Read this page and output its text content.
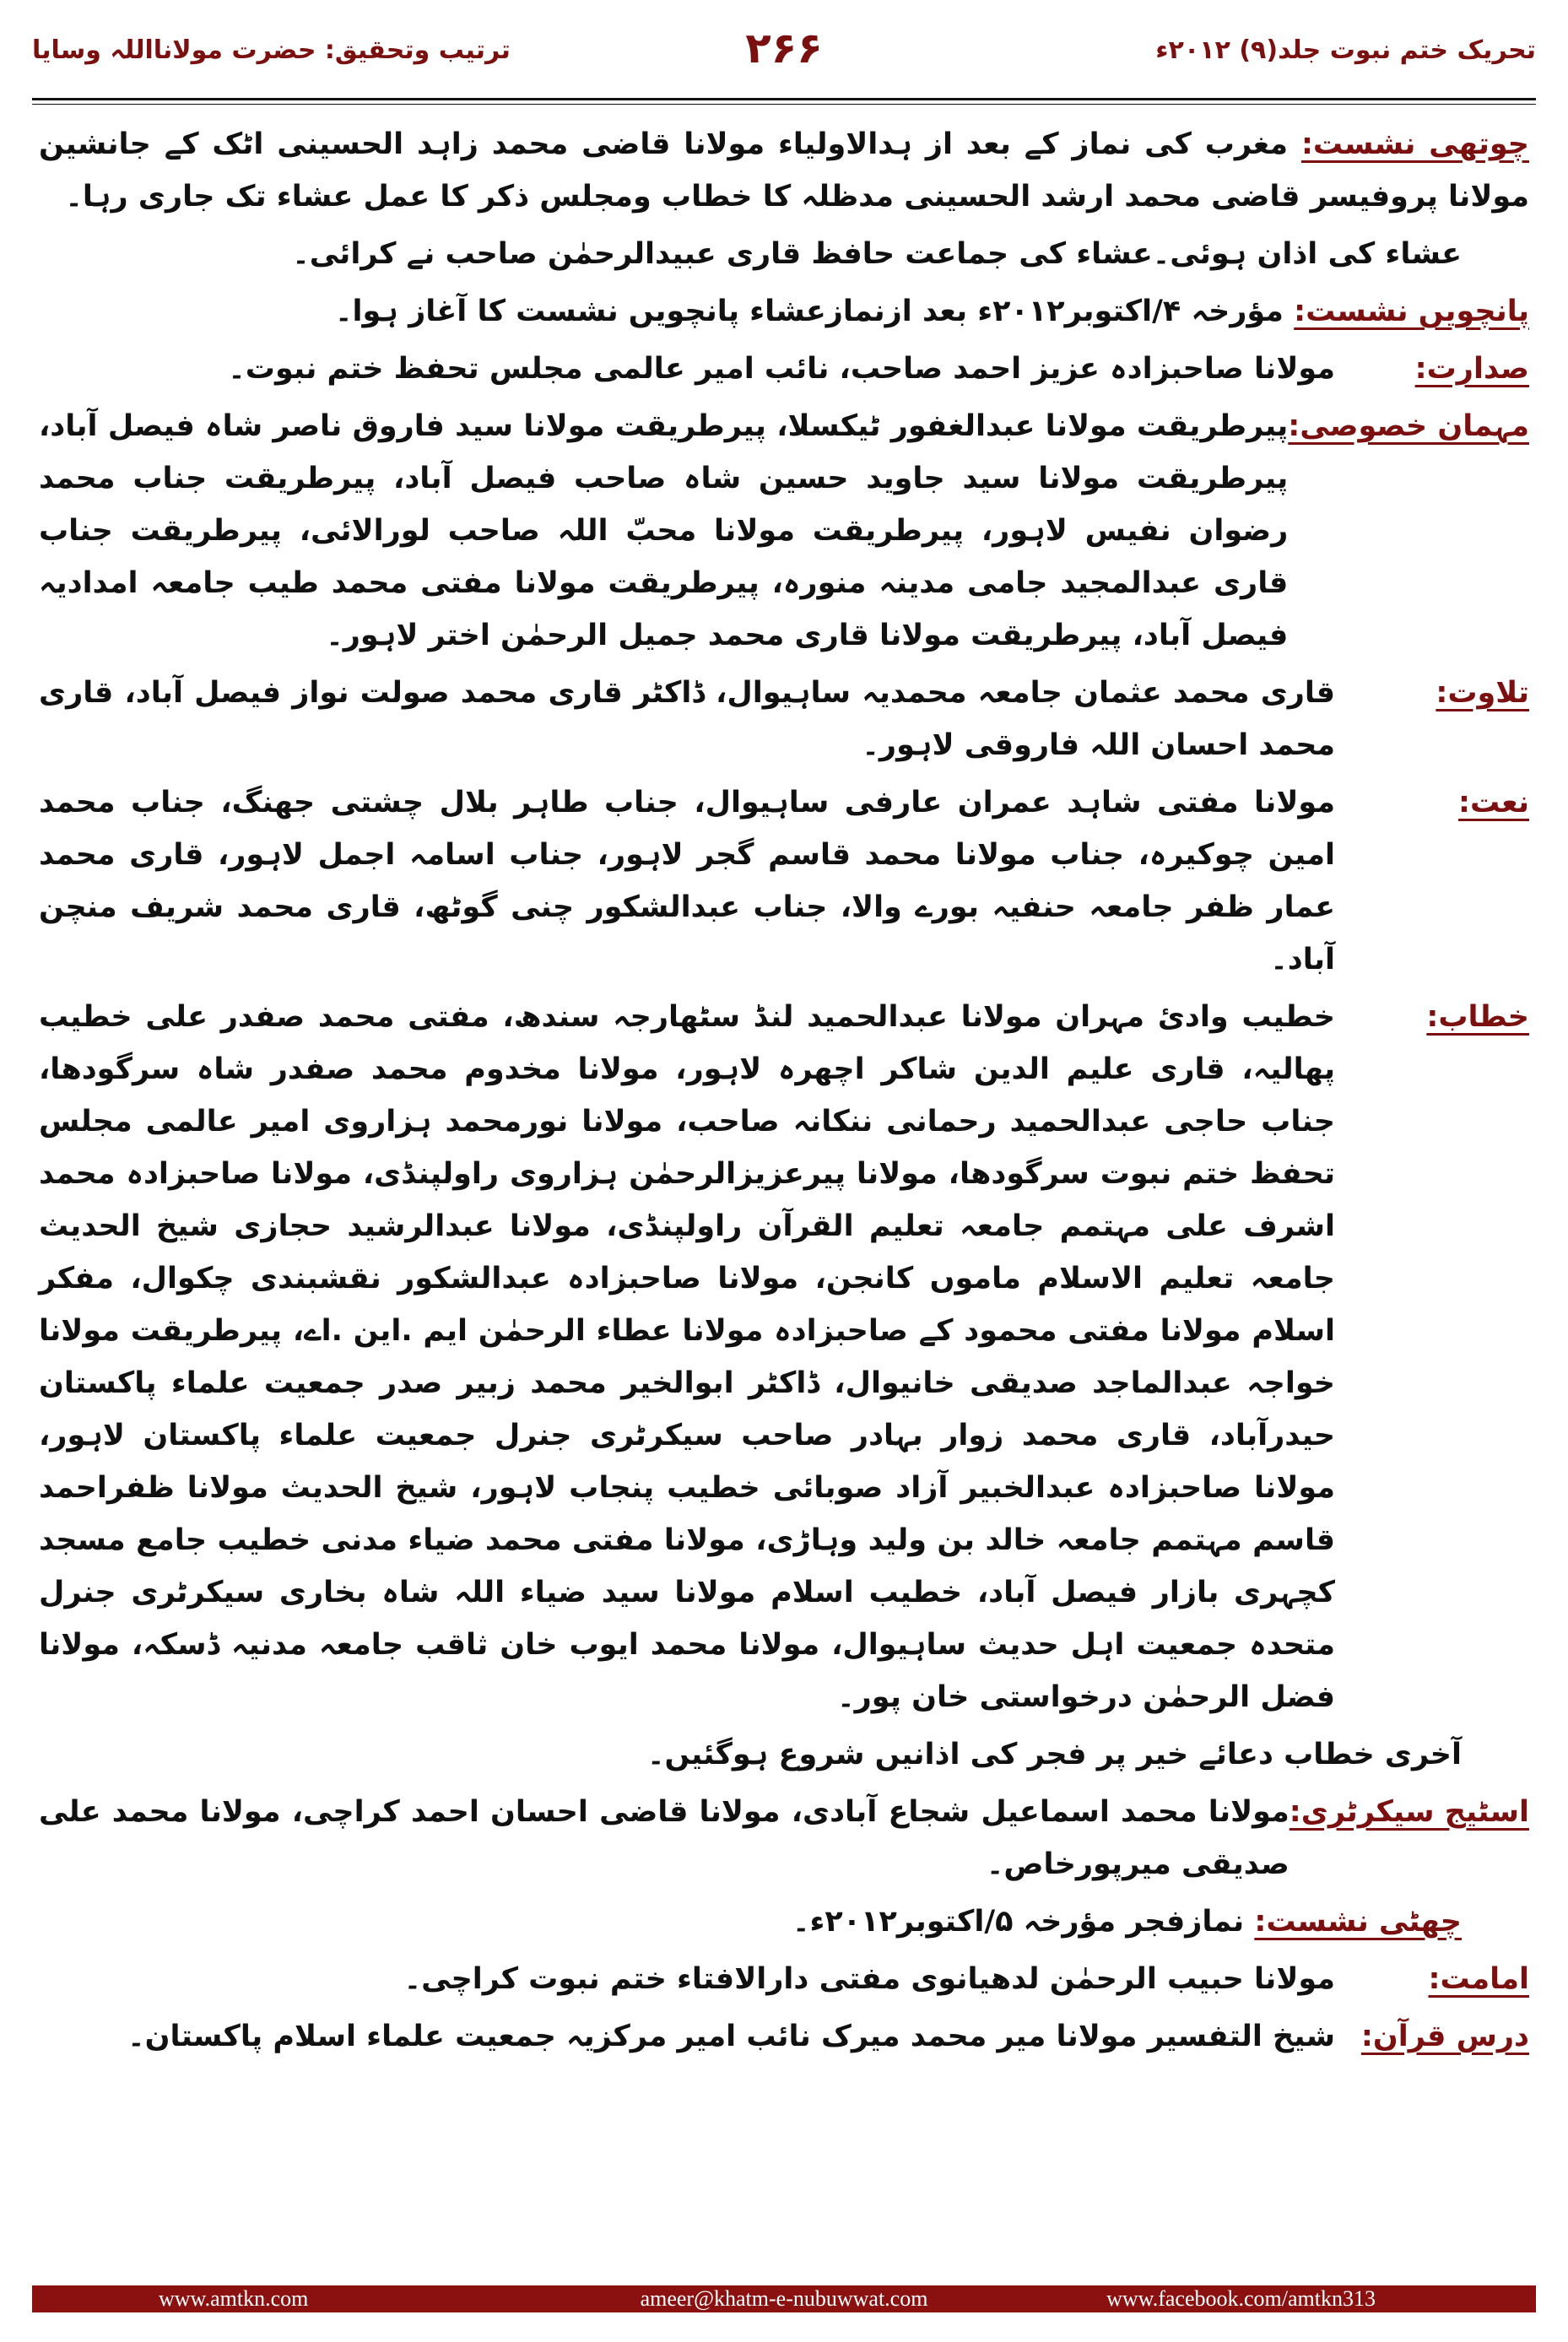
تحریک ختم نبوت جلد(۹) ۲۰۱۲ء
۲۶۶
ترتیب وتحقیق: حضرت مولانااللہ وسایا

چوتھی نشست: مغرب کی نماز کے بعد از ہدالاولیاء مولانا قاضی محمد زاہد الحسینی اٹک کے جانشین مولانا پروفیسر قاضی محمد ارشد الحسینی مدظلہ کا خطاب ومجلس ذکر کا عمل عشاء تک جاری رہا۔

عشاء کی اذان ہوئی۔عشاء کی جماعت حافظ قاری عبیدالرحمٰن صاحب نے کرائی۔

پانچویں نشست: مؤرخہ ۴/اکتوبر۲۰۱۲ء بعد ازنمازعشاء پانچویں نشست کا آغاز ہوا۔

صدارت:
مولانا صاحبزادہ عزیز احمد صاحب، نائب امیر عالمی مجلس تحفظ ختم نبوت۔
مہمان خصوصی:
پیرطریقت مولانا عبدالغفور ٹیکسلا، پیرطریقت مولانا سید فاروق ناصر شاہ فیصل آباد، پیرطریقت مولانا سید جاوید حسین شاہ صاحب فیصل آباد، پیرطریقت جناب محمد رضوان نفیس لاہور، پیرطریقت مولانا محبّ اللہ صاحب لورالائی، پیرطریقت جناب قاری عبدالمجید جامی مدینہ منورہ، پیرطریقت مولانا مفتی محمد طیب جامعہ امدادیہ فیصل آباد، پیرطریقت مولانا قاری محمد جمیل الرحمٰن اختر لاہور۔
تلاوت:
قاری محمد عثمان جامعہ محمدیہ ساہیوال، ڈاکٹر قاری محمد صولت نواز فیصل آباد، قاری محمد احسان اللہ فاروقی لاہور۔
نعت:
مولانا مفتی شاہد عمران عارفی ساہیوال، جناب طاہر بلال چشتی جھنگ، جناب محمد امین چوکیرہ، جناب مولانا محمد قاسم گجر لاہور، جناب اسامہ اجمل لاہور، قاری محمد عمار ظفر جامعہ حنفیہ بورے والا، جناب عبدالشکور چنی گوٹھ، قاری محمد شریف منچن آباد۔
خطاب:
خطیب وادئ مہران مولانا عبدالحمید لنڈ سٹھارجہ سندھ، مفتی محمد صفدر علی خطیب پھالیہ، قاری علیم الدین شاکر اچھرہ لاہور، مولانا مخدوم محمد صفدر شاہ سرگودھا، جناب حاجی عبدالحمید رحمانی ننکانہ صاحب، مولانا نورمحمد ہزاروی امیر عالمی مجلس تحفظ ختم نبوت سرگودھا، مولانا پیرعزیزالرحمٰن ہزاروی راولپنڈی، مولانا صاحبزادہ محمد اشرف علی مہتمم جامعہ تعلیم القرآن راولپنڈی، مولانا عبدالرشید حجازی شیخ الحدیث جامعہ تعلیم الاسلام ماموں کانجن، مولانا صاحبزادہ عبدالشکور نقشبندی چکوال، مفکر اسلام مولانا مفتی محمود کے صاحبزادہ مولانا عطاء الرحمٰن ایم .این .اے، پیرطریقت مولانا خواجہ عبدالماجد صدیقی خانیوال، ڈاکٹر ابوالخیر محمد زبیر صدر جمعیت علماء پاکستان حیدرآباد، قاری محمد زوار بہادر صاحب سیکرٹری جنرل جمعیت علماء پاکستان لاہور، مولانا صاحبزادہ عبدالخبیر آزاد صوبائی خطیب پنجاب لاہور، شیخ الحدیث مولانا ظفراحمد قاسم مہتمم جامعہ خالد بن ولید وہاڑی، مولانا مفتی محمد ضیاء مدنی خطیب جامع مسجد کچہری بازار فیصل آباد، خطیب اسلام مولانا سید ضیاء اللہ شاہ بخاری سیکرٹری جنرل متحدہ جمعیت اہل حدیث ساہیوال، مولانا محمد ایوب خان ثاقب جامعہ مدنیہ ڈسکہ، مولانا فضل الرحمٰن درخواستی خان پور۔

آخری خطاب دعائے خیر پر فجر کی اذانیں شروع ہوگئیں۔

اسٹیج سیکرٹری:
مولانا محمد اسماعیل شجاع آبادی، مولانا قاضی احسان احمد کراچی، مولانا محمد علی صدیقی میرپورخاص۔

چھٹی نشست: نمازفجر مؤرخہ ۵/اکتوبر۲۰۱۲ء۔

امامت:
مولانا حبیب الرحمٰن لدھیانوی مفتی دارالافتاء ختم نبوت کراچی۔
درس قرآن:
شیخ التفسیر مولانا میر محمد میرک نائب امیر مرکزیہ جمعیت علماء اسلام پاکستان۔
www.amtkn.com	ameer@khatm-e-nubuwwat.com	www.facebook.com/amtkn313
